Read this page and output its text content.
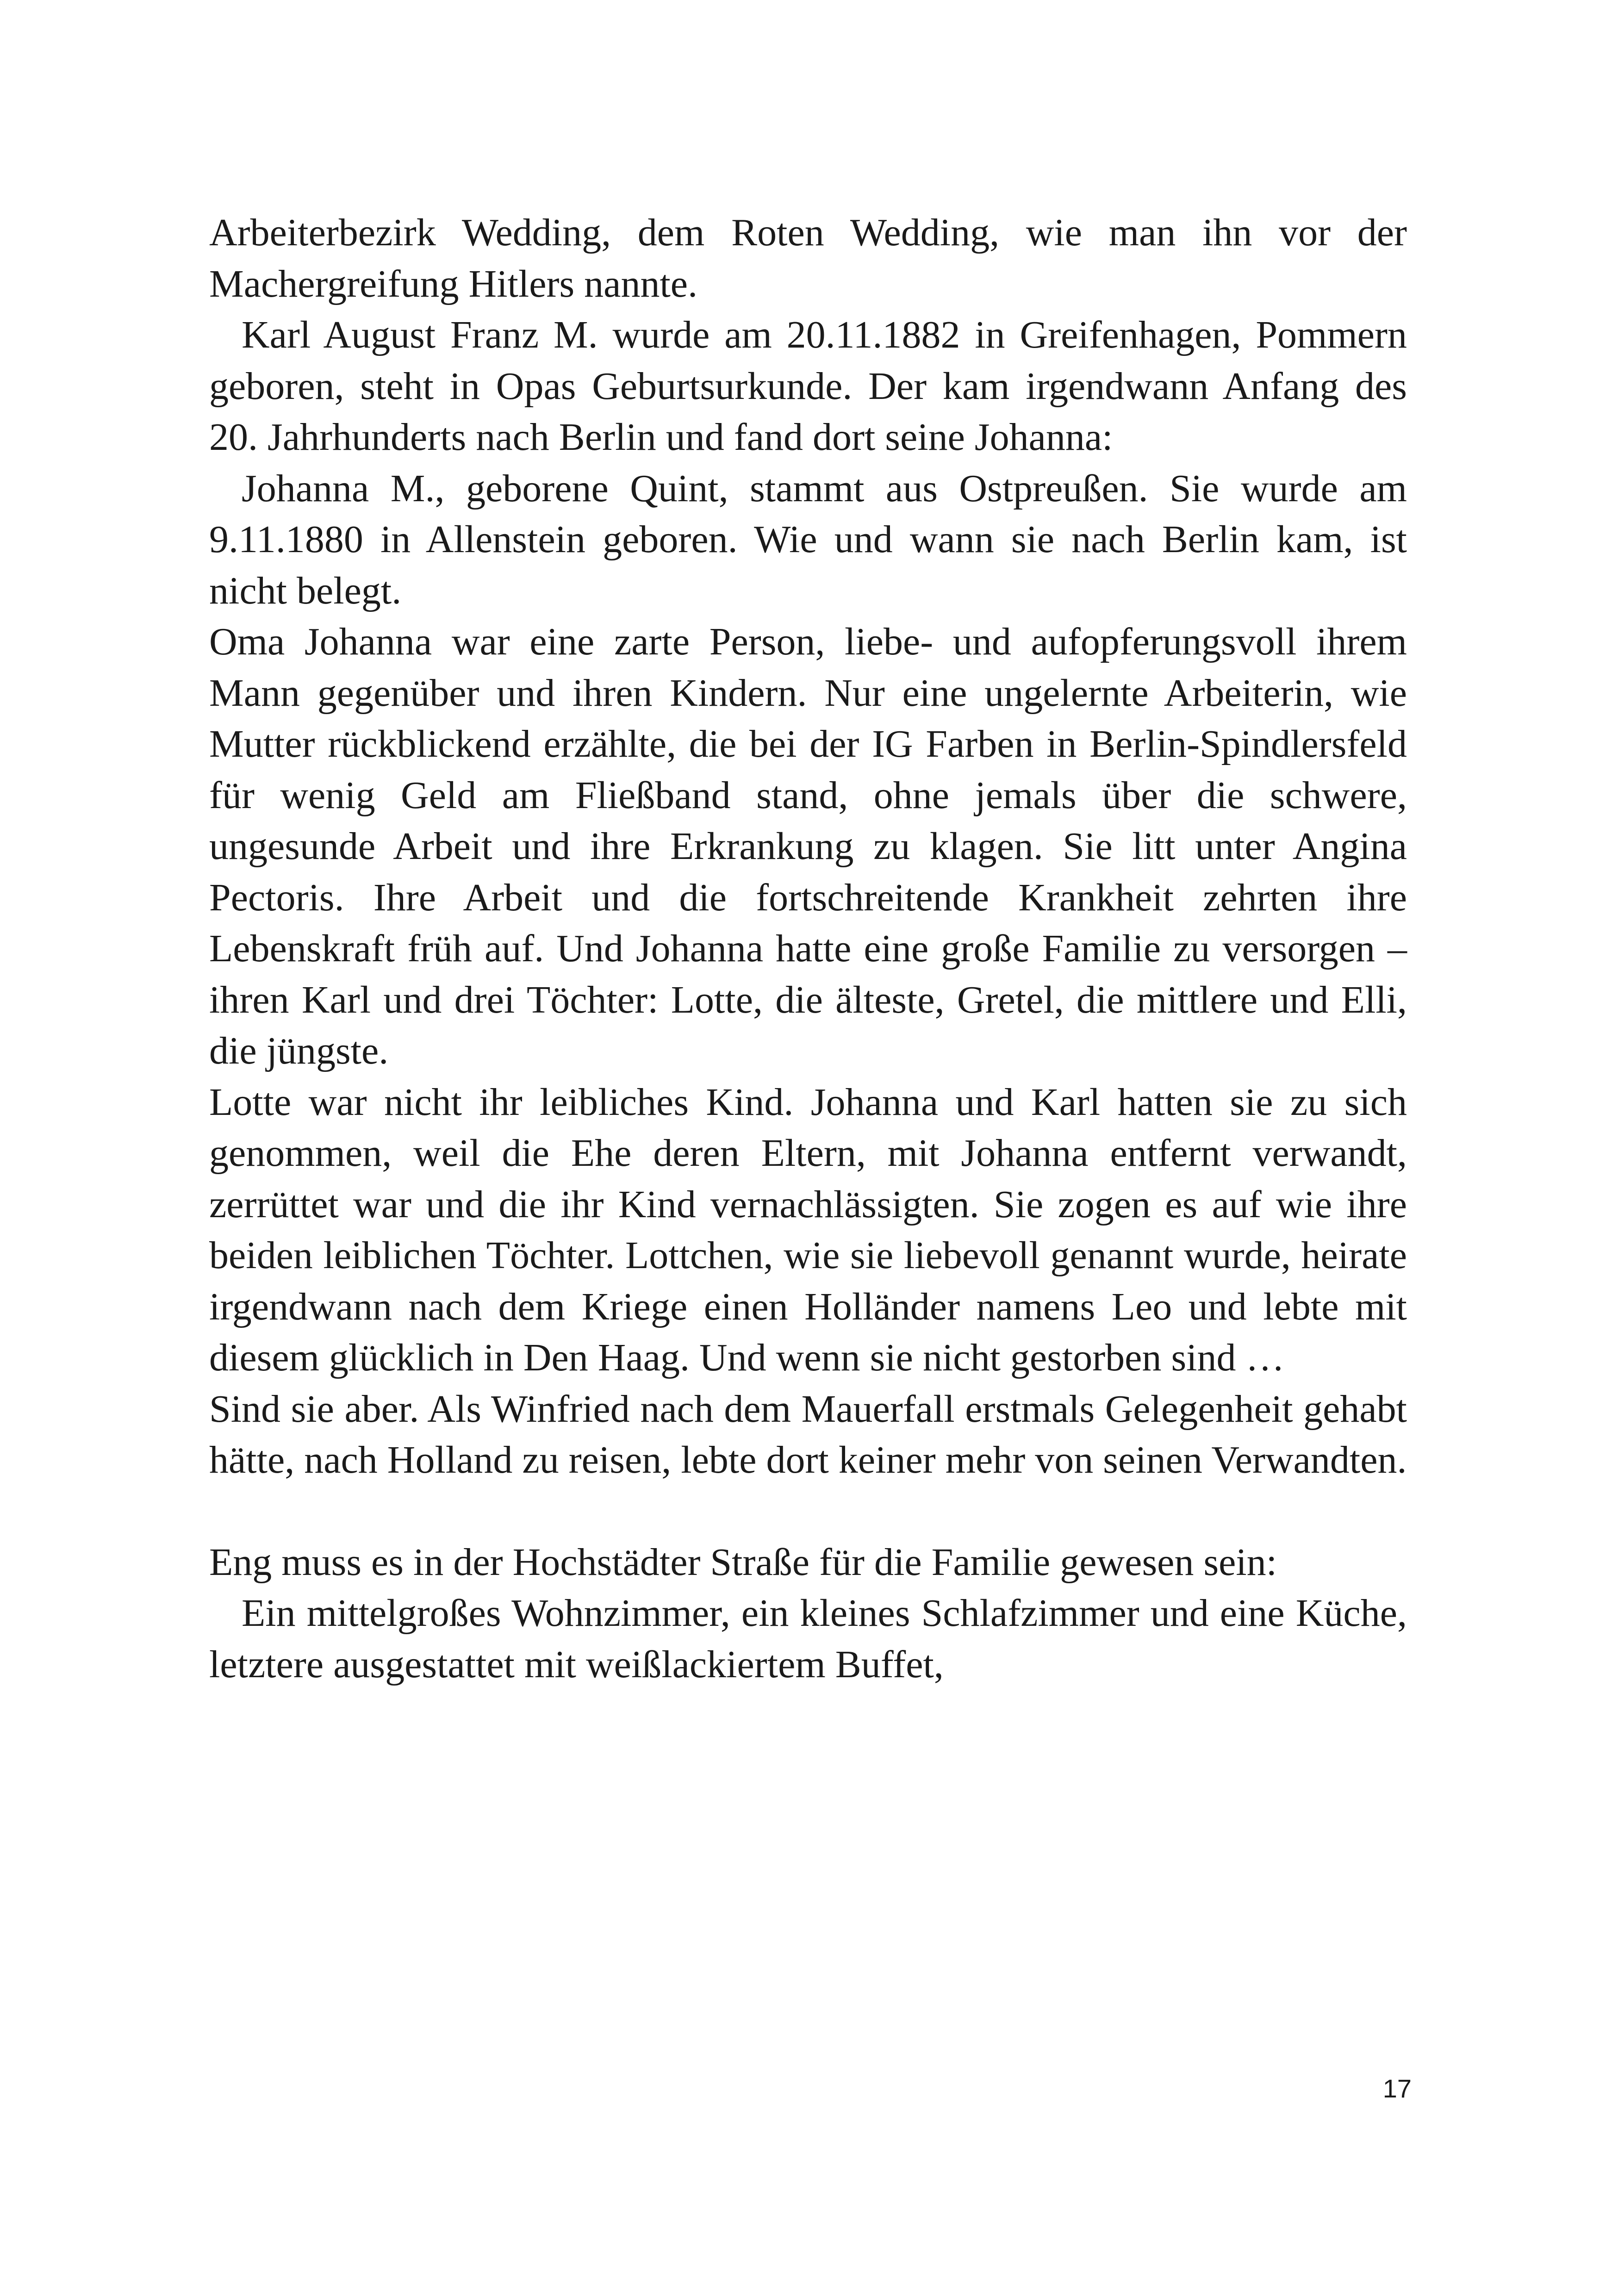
Arbeiterbezirk Wedding, dem Roten Wedding, wie man ihn vor der Machergreifung Hitlers nannte.

Karl August Franz M. wurde am 20.11.1882 in Greifenhagen, Pommern geboren, steht in Opas Geburtsurkunde. Der kam irgendwann Anfang des 20. Jahrhunderts nach Berlin und fand dort seine Johanna:

Johanna M., geborene Quint, stammt aus Ostpreußen. Sie wurde am 9.11.1880 in Allenstein geboren. Wie und wann sie nach Berlin kam, ist nicht belegt.

Oma Johanna war eine zarte Person, liebe- und aufopferungsvoll ihrem Mann gegenüber und ihren Kindern. Nur eine ungelernte Arbeiterin, wie Mutter rückblickend erzählte, die bei der IG Farben in Berlin-Spindlersfeld für wenig Geld am Fließband stand, ohne jemals über die schwere, ungesunde Arbeit und ihre Erkrankung zu klagen. Sie litt unter Angina Pectoris. Ihre Arbeit und die fortschreitende Krankheit zehrten ihre Lebenskraft früh auf. Und Johanna hatte eine große Familie zu versorgen – ihren Karl und drei Töchter: Lotte, die älteste, Gretel, die mittlere und Elli, die jüngste.

Lotte war nicht ihr leibliches Kind. Johanna und Karl hatten sie zu sich genommen, weil die Ehe deren Eltern, mit Johanna entfernt verwandt, zerrüttet war und die ihr Kind vernachlässigten. Sie zogen es auf wie ihre beiden leiblichen Töchter. Lottchen, wie sie liebevoll genannt wurde, heirate irgendwann nach dem Kriege einen Holländer namens Leo und lebte mit diesem glücklich in Den Haag. Und wenn sie nicht gestorben sind …

Sind sie aber. Als Winfried nach dem Mauerfall erstmals Gelegenheit gehabt hätte, nach Holland zu reisen, lebte dort keiner mehr von seinen Verwandten.

Eng muss es in der Hochstädter Straße für die Familie gewesen sein:

Ein mittelgroßes Wohnzimmer, ein kleines Schlafzimmer und eine Küche, letztere ausgestattet mit weißlackiertem Buffet,

17
